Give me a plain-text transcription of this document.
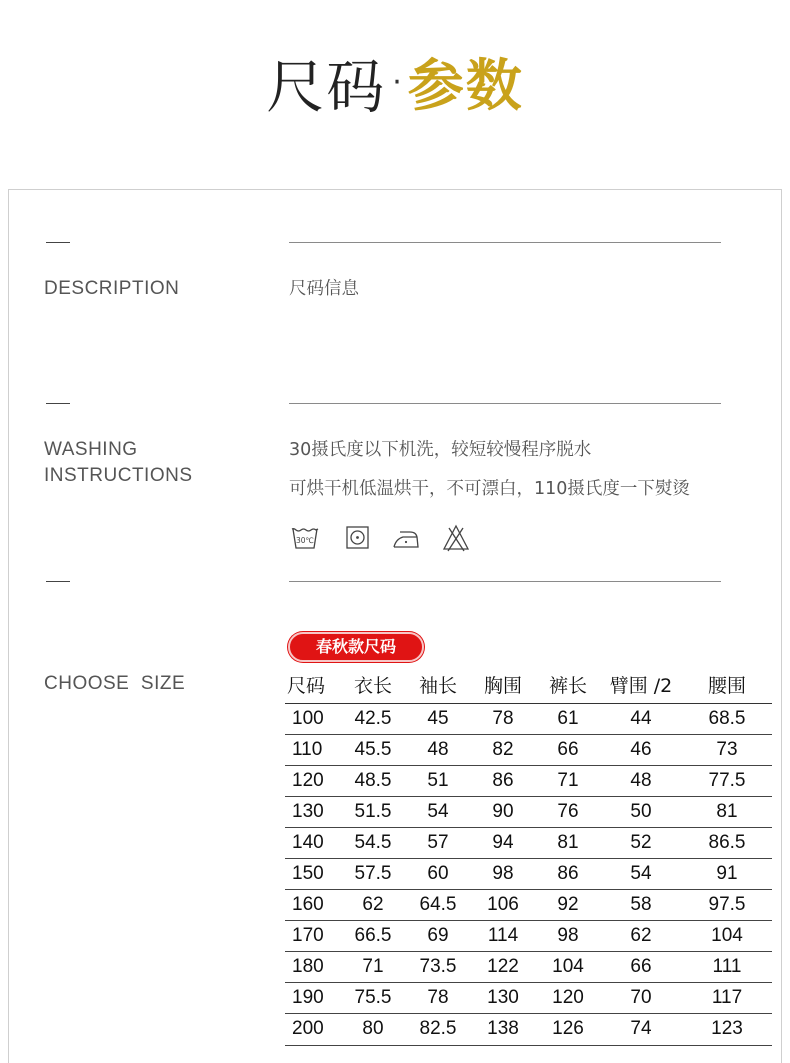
尺码 · 参数
DESCRIPTION	尺码信息
WASHING
INSTRUCTIONS
30摄氏度以下机洗，较短较慢程序脱水
可烘干机低温烘干，不可漂白，110摄氏度一下熨烫
30℃
CHOOSE  SIZE
春秋款尺码
尺码	衣长	袖长	胸围	裤长	臂围 /2	腰围
100	42.5	45	78	61	44	68.5
110	45.5	48	82	66	46	73
120	48.5	51	86	71	48	77.5
130	51.5	54	90	76	50	81
140	54.5	57	94	81	52	86.5
150	57.5	60	98	86	54	91
160	62	64.5	106	92	58	97.5
170	66.5	69	114	98	62	104
180	71	73.5	122	104	66	111
190	75.5	78	130	120	70	117
200	80	82.5	138	126	74	123
